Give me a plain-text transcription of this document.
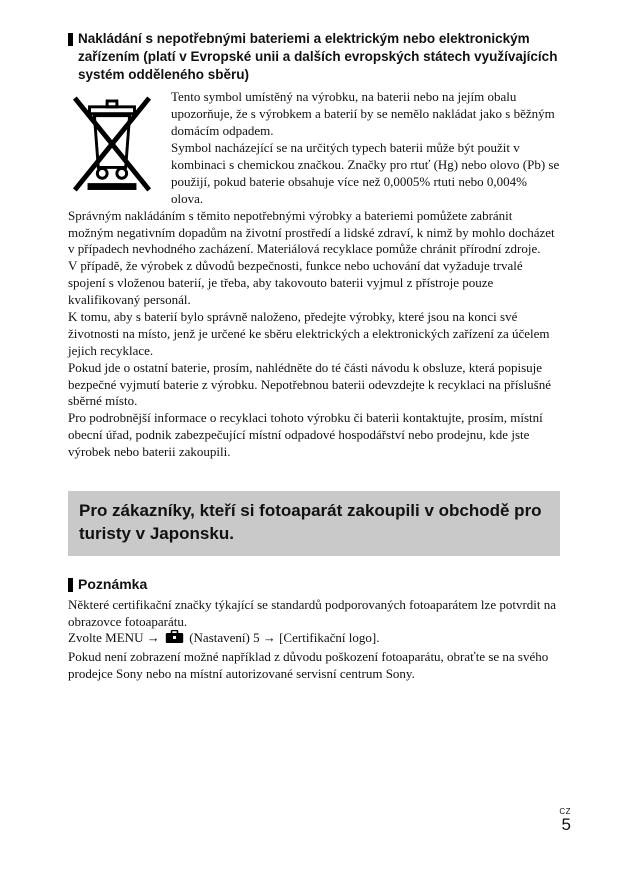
Nakládání s nepotřebnými bateriemi a elektrickým nebo elektronickým zařízením (platí v Evropské unii a dalších evropských státech využívajících systém odděleného sběru)

Tento symbol umístěný na výrobku, na baterii nebo na jejím obalu upozorňuje, že s výrobkem a baterií by se nemělo nakládat jako s běžným domácím odpadem.

Symbol nacházející se na určitých typech baterii může být použit v kombinaci s chemickou značkou. Značky pro rtuť (Hg) nebo olovo (Pb) se použijí, pokud baterie obsahuje více než 0,0005% rtuti nebo 0,004% olova.

Správným nakládáním s těmito nepotřebnými výrobky a bateriemi pomůžete zabránit možným negativním dopadům na životní prostředí a lidské zdraví, k nimž by mohlo docházet v případech nevhodného zacházení. Materiálová recyklace pomůže chránit přírodní zdroje.

V případě, že výrobek z důvodů bezpečnosti, funkce nebo uchování dat vyžaduje trvalé spojení s vloženou baterií, je třeba, aby takovouto baterii vyjmul z přístroje pouze kvalifikovaný personál.

K tomu, aby s baterií bylo správně naloženo, předejte výrobky, které jsou na konci své životnosti na místo, jenž je určené ke sběru elektrických a elektronických zařízení za účelem jejich recyklace.

Pokud jde o ostatní baterie, prosím, nahlédněte do té části návodu k obsluze, která popisuje bezpečné vyjmutí baterie z výrobku. Nepotřebnou baterii odevzdejte k recyklaci na příslušné sběrné místo.

Pro podrobnější informace o recyklaci tohoto výrobku či baterii kontaktujte, prosím, místní obecní úřad, podnik zabezpečující místní odpadové hospodářství nebo prodejnu, kde jste výrobek nebo baterii zakoupili.

Pro zákazníky, kteří si fotoaparát zakoupili v obchodě pro turisty v Japonsku.
Poznámka

Některé certifikační značky týkající se standardů podporovaných fotoaparátem lze potvrdit na obrazovce fotoaparátu.

Zvolte MENU →  (Nastavení) 5 → [Certifikační logo].

Pokud není zobrazení možné například z důvodu poškození fotoaparátu, obraťte se na svého prodejce Sony nebo na místní autorizované servisní centrum Sony.

CZ
5
